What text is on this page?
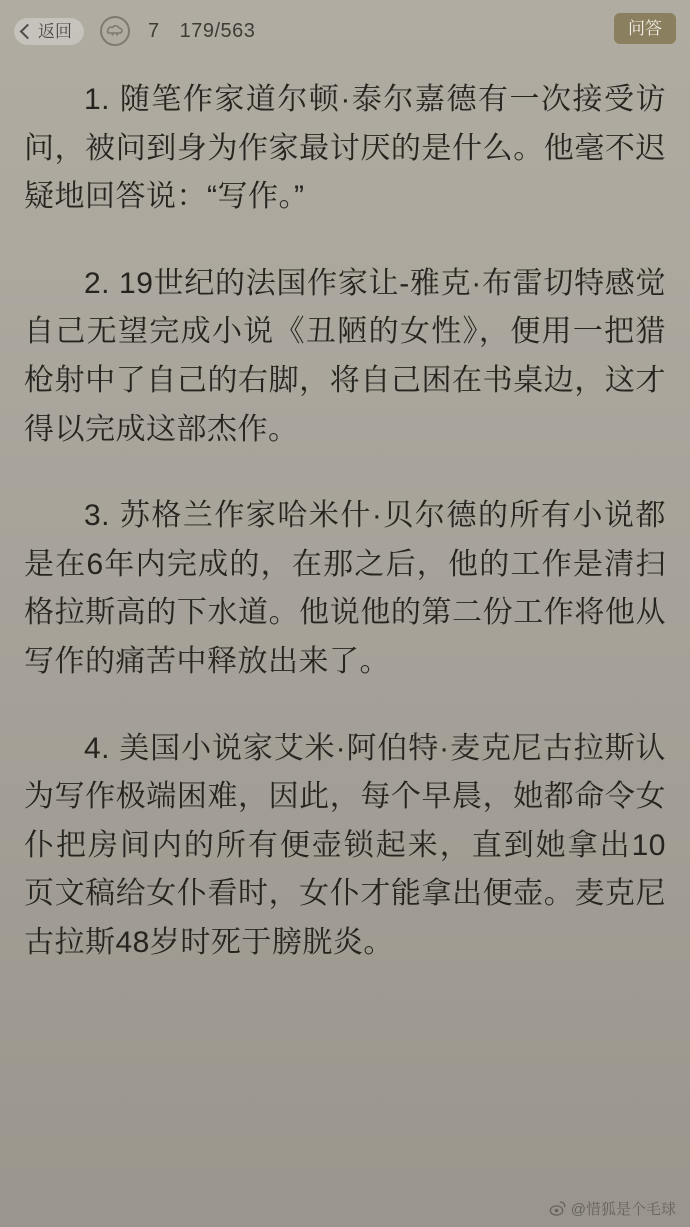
返回	7 179/563	问答

1. 随笔作家道尔顿·泰尔嘉德有一次接受访问，被问到身为作家最讨厌的是什么。他毫不迟疑地回答说：“写作。”

2. 19世纪的法国作家让-雅克·布雷切特感觉自己无望完成小说《丑陋的女性》，便用一把猎枪射中了自己的右脚，将自己困在书桌边，这才得以完成这部杰作。

3. 苏格兰作家哈米什·贝尔德的所有小说都是在6年内完成的，在那之后，他的工作是清扫格拉斯高的下水道。他说他的第二份工作将他从写作的痛苦中释放出来了。

4. 美国小说家艾米·阿伯特·麦克尼古拉斯认为写作极端困难，因此，每个早晨，她都命令女仆把房间内的所有便壶锁起来，直到她拿出10页文稿给女仆看时，女仆才能拿出便壶。麦克尼古拉斯48岁时死于膀胱炎。

@惜狐是个毛球
